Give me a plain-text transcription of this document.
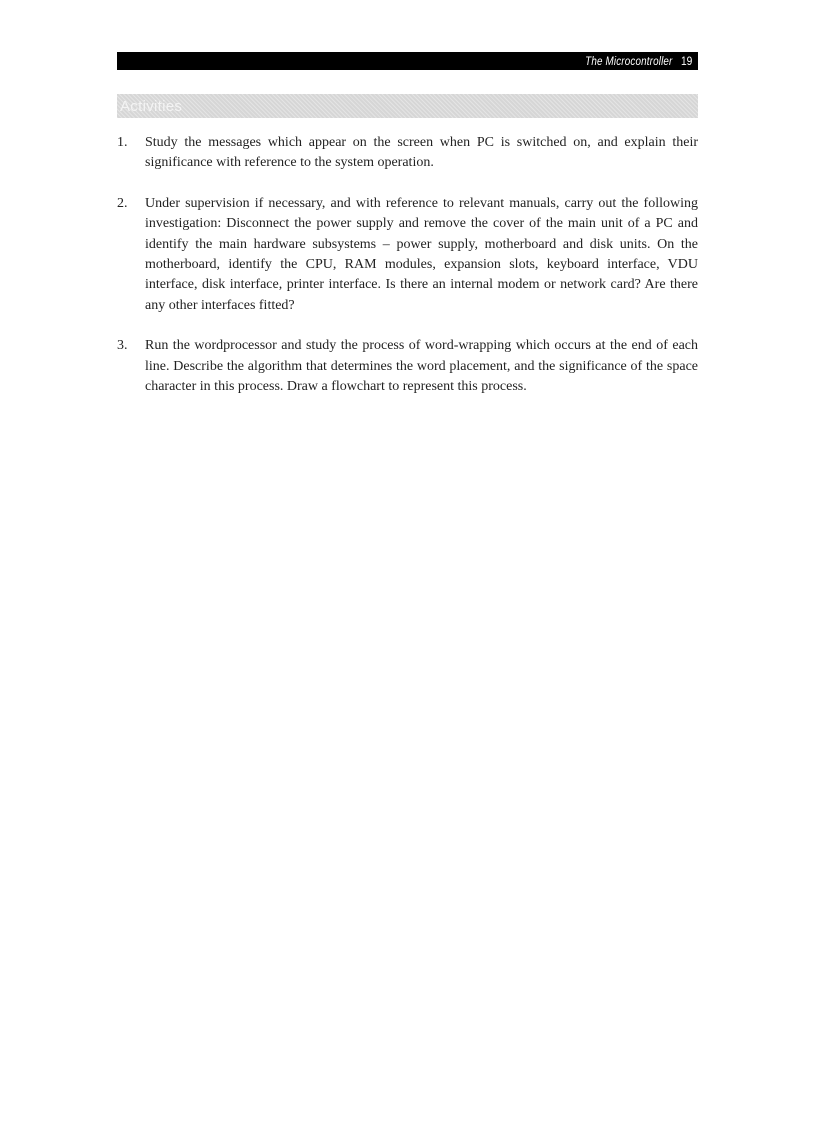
The Microcontroller 19
Activities
1. Study the messages which appear on the screen when PC is switched on, and explain their significance with reference to the system operation.
2. Under supervision if necessary, and with reference to relevant manuals, carry out the following investigation: Disconnect the power supply and remove the cover of the main unit of a PC and identify the main hardware subsystems – power supply, motherboard and disk units. On the motherboard, identify the CPU, RAM modules, expansion slots, keyboard interface, VDU interface, disk interface, printer interface. Is there an internal modem or network card? Are there any other interfaces fitted?
3. Run the wordprocessor and study the process of word-wrapping which occurs at the end of each line. Describe the algorithm that determines the word placement, and the significance of the space character in this process. Draw a flowchart to represent this process.
